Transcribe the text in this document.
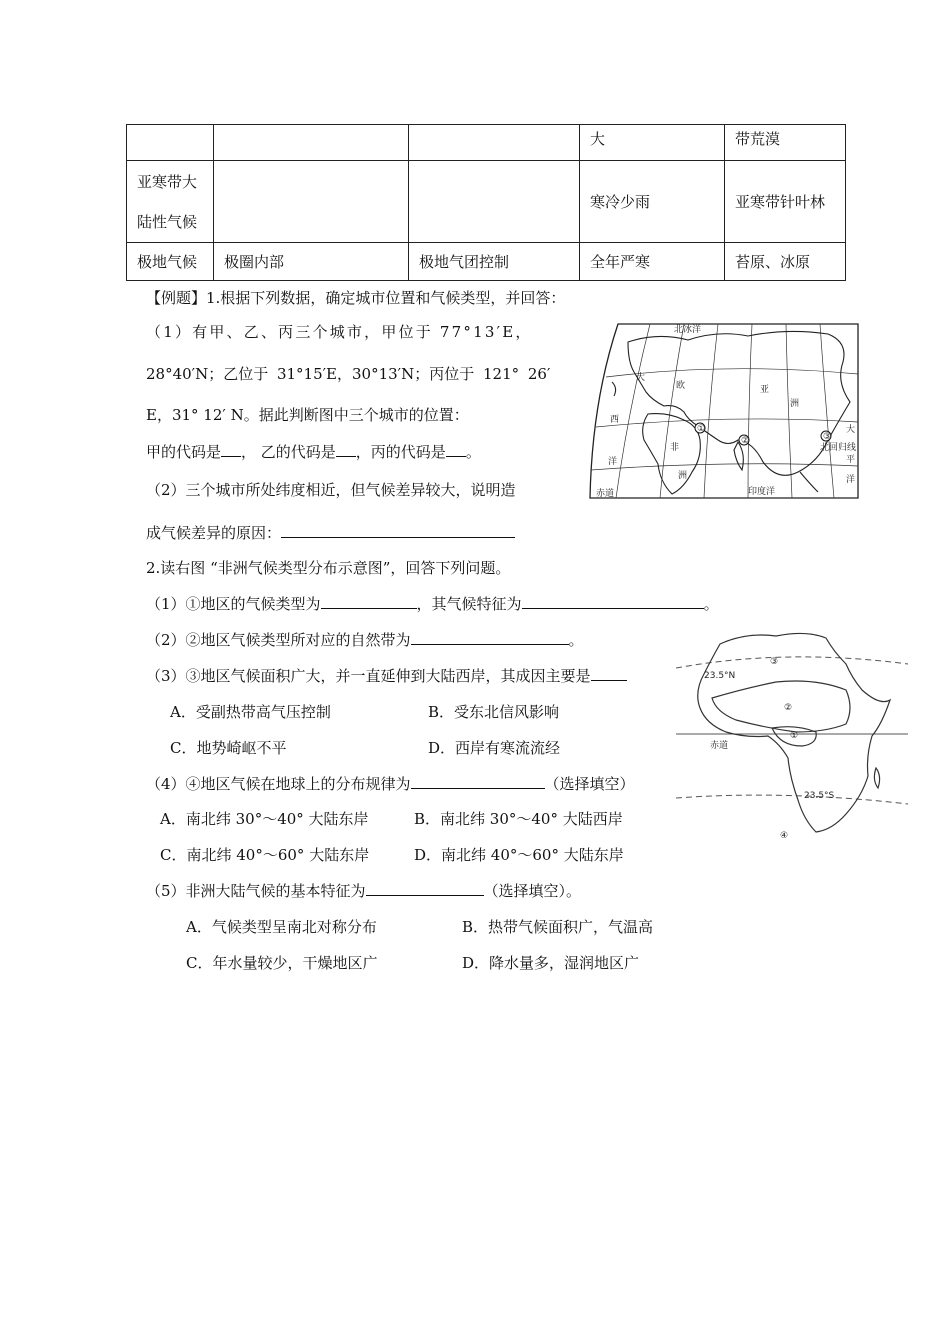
			大	带荒漠

亚寒带大
陆性气候			寒冷少雨	亚寒带针叶林
极地气候	极圈内部	极地气团控制	全年严寒	苔原、冰原
【例题】1.根据下列数据，确定城市位置和气候类型，并回答：
（1）有甲、乙、丙三个城市，甲位于 77°13′E，
28°40′N；乙位于 31°15′E，30°13′N；丙位于 121° 26′
E，31° 12′ N。据此判断图中三个城市的位置：
甲的代码是 ， 乙的代码是 ，丙的代码是 。
（2）三个城市所处纬度相近，但气候差异较大，说明造
成气候差异的原因：
①
②	③
北冰洋
大
欧	亚
洲
西
非
洲
洋
大
平
洋
印度洋
赤道
北回归线
2.读右图 “非洲气候类型分布示意图”，回答下列问题。
（1）①地区的气候类型为	，其气候特征为	。
（2）②地区气候类型所对应的自然带为	。
（3）③地区气候面积广大，并一直延伸到大陆西岸，其成因主要是
A．受副热带高气压控制	B．受东北信风影响
C．地势崎岖不平	D．西岸有寒流流经
（4）④地区气候在地球上的分布规律为	（选择填空）
A．南北纬 30°～40° 大陆东岸	B．南北纬 30°～40° 大陆西岸
C．南北纬 40°～60° 大陆东岸	D．南北纬 40°～60° 大陆东岸
（5）非洲大陆气候的基本特征为	（选择填空）。
A．气候类型呈南北对称分布	B．热带气候面积广，气温高
C．年水量较少，干燥地区广	D．降水量多，湿润地区广
23.5°N
23.5°S
赤道
①
②
③
④
